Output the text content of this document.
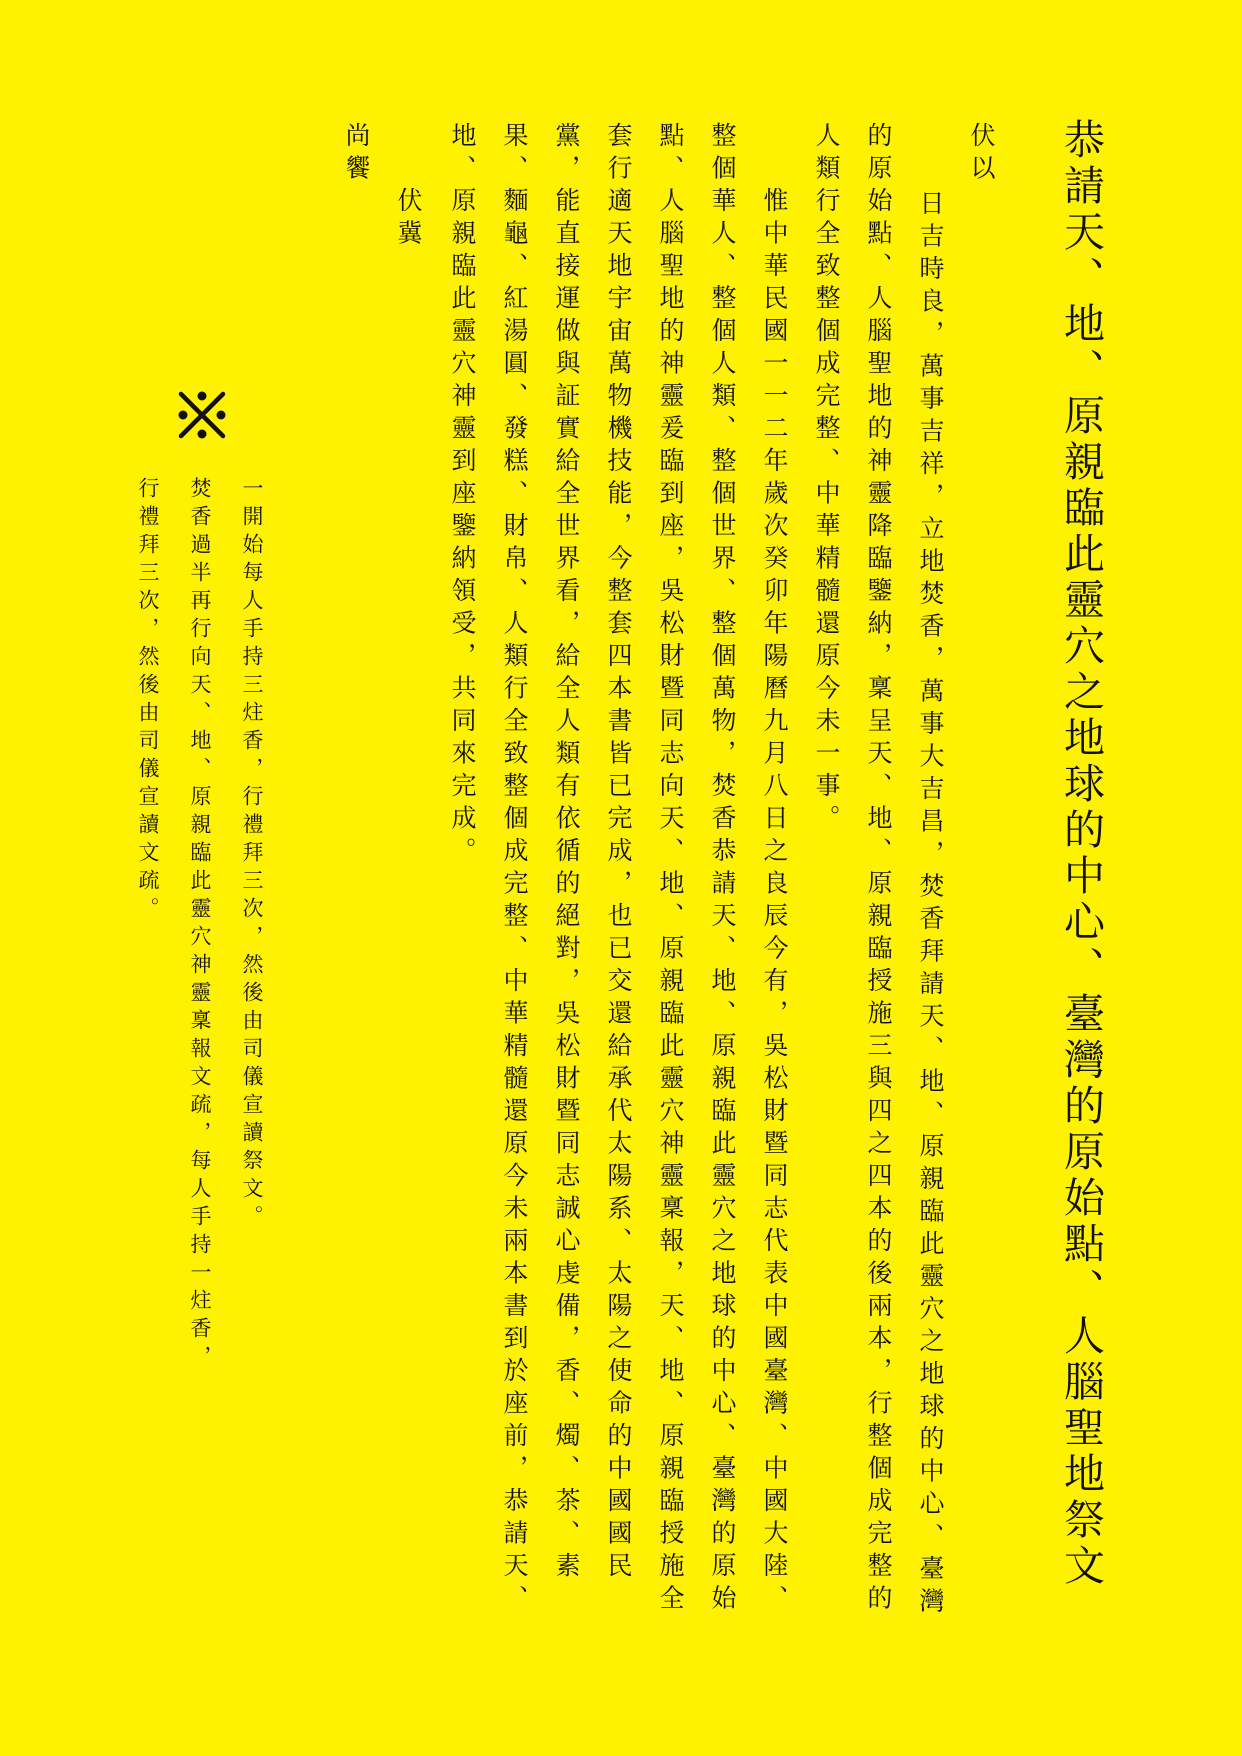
恭請天、地、原親臨此靈穴之地球的中心、臺灣的原始點、人腦聖地祭文
伏以
日吉時良，萬事吉祥，立地焚香，萬事大吉昌，焚香拜請天、地、原親臨此靈穴之地球的中心、臺灣
的原始點、人腦聖地的神靈降臨鑒納，稟呈天、地、原親臨授施三與四之四本的後兩本，行整個成完整的
人類行全致整個成完整、中華精髓還原今未一事。
惟中華民國一一二年歲次癸卯年陽曆九月八日之良辰今有，吳松財暨同志代表中國臺灣、中國大陸、
整個華人、整個人類、整個世界、整個萬物，焚香恭請天、地、原親臨此靈穴之地球的中心、臺灣的原始
點、人腦聖地的神靈爰臨到座，吳松財暨同志向天、地、原親臨此靈穴神靈稟報，天、地、原親臨授施全
套行適天地宇宙萬物機技能，今整套四本書皆已完成，也已交還給承代太陽系、太陽之使命的中國國民
黨，能直接運做與証實給全世界看，給全人類有依循的絕對，吳松財暨同志誠心虔備，香、燭、茶、素
果、麵龜、紅湯圓、發糕、財帛、人類行全致整個成完整、中華精髓還原今未兩本書到於座前，恭請天、
地、原親臨此靈穴神靈到座鑒納領受，共同來完成。
伏冀
尚饗
一開始每人手持三炷香，行禮拜三次，然後由司儀宣讀祭文。
焚香過半再行向天、地、原親臨此靈穴神靈稟報文疏，每人手持一炷香，
行禮拜三次，然後由司儀宣讀文疏。
